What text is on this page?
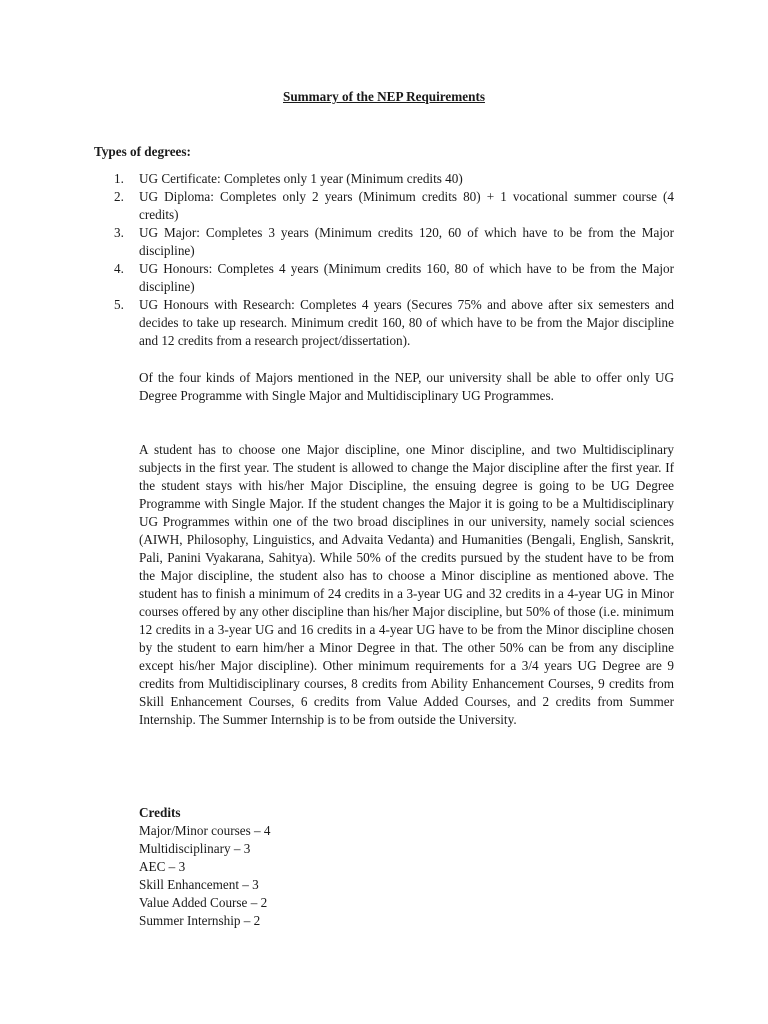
Summary of the NEP Requirements
Types of degrees:
1. UG Certificate: Completes only 1 year (Minimum credits 40)
2. UG Diploma: Completes only 2 years (Minimum credits 80) + 1 vocational summer course (4 credits)
3. UG Major: Completes 3 years (Minimum credits 120, 60 of which have to be from the Major discipline)
4. UG Honours: Completes 4 years (Minimum credits 160, 80 of which have to be from the Major discipline)
5. UG Honours with Research: Completes 4 years (Secures 75% and above after six semesters and decides to take up research. Minimum credit 160, 80 of which have to be from the Major discipline and 12 credits from a research project/dissertation).

Of the four kinds of Majors mentioned in the NEP, our university shall be able to offer only UG Degree Programme with Single Major and Multidisciplinary UG Programmes.

A student has to choose one Major discipline, one Minor discipline, and two Multidisciplinary subjects in the first year. The student is allowed to change the Major discipline after the first year. If the student stays with his/her Major Discipline, the ensuing degree is going to be UG Degree Programme with Single Major. If the student changes the Major it is going to be a Multidisciplinary UG Programmes within one of the two broad disciplines in our university, namely social sciences (AIWH, Philosophy, Linguistics, and Advaita Vedanta) and Humanities (Bengali, English, Sanskrit, Pali, Panini Vyakarana, Sahitya). While 50% of the credits pursued by the student have to be from the Major discipline, the student also has to choose a Minor discipline as mentioned above. The student has to finish a minimum of 24 credits in a 3-year UG and 32 credits in a 4-year UG in Minor courses offered by any other discipline than his/her Major discipline, but 50% of those (i.e. minimum 12 credits in a 3-year UG and 16 credits in a 4-year UG have to be from the Minor discipline chosen by the student to earn him/her a Minor Degree in that. The other 50% can be from any discipline except his/her Major discipline). Other minimum requirements for a 3/4 years UG Degree are 9 credits from Multidisciplinary courses, 8 credits from Ability Enhancement Courses, 9 credits from Skill Enhancement Courses, 6 credits from Value Added Courses, and 2 credits from Summer Internship. The Summer Internship is to be from outside the University.

Credits
Major/Minor courses – 4
Multidisciplinary – 3
AEC – 3
Skill Enhancement – 3
Value Added Course – 2
Summer Internship – 2
